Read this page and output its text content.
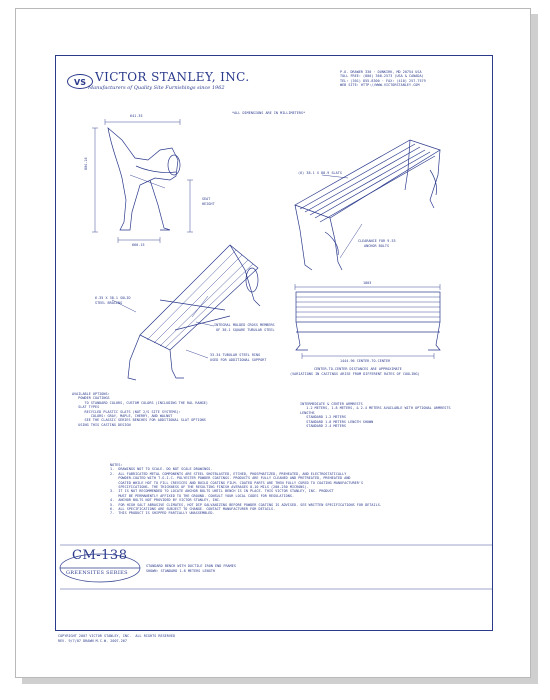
VS VICTOR STANLEY, INC.
Manufacturers of Quality Site Furnishings since 1962
P.O. DRAWER 330 · DUNKIRK, MD 20754 USA
TOLL FREE: (800) 368-2573 (USA & CANADA)
TEL: (301) 855-8300 · FAX: (410) 257-7579
WEB SITE: HTTP://WWW.VICTORSTANLEY.COM
*ALL DIMENSIONS ARE IN MILLIMETERS*
641.35
804.16
660.15
SEAT
HEIGHT
(6) 38.1 X 88.9 SLATS
CLEARANCE FOR 9.53
ANCHOR BOLTS
6.35 X 38.1 SOLID
STEEL BRACING
INTEGRAL MOLDED CROSS MEMBERS
OF 38.1 SQUARE TUBULAR STEEL
33.34 TUBULAR STEEL RING
USED FOR ADDITIONAL SUPPORT
1803
1444.96 CENTER-TO-CENTER
CENTER-TO-CENTER DISTANCES ARE APPROXIMATE
(VARIATIONS IN CASTINGS ARISE FROM DIFFERENT RATES OF COOLING)
AVAILABLE OPTIONS:
POWDER COATINGS
TO STANDARD COLORS, CUSTOM COLORS (INCLUDING THE RAL RANGE)
SLAT TYPES
RECYCLED PLASTIC SLATS (NOT 2/S SITE SYSTEMS):
COLORS: GRAY, MAPLE, CHERRY, AND WALNUT
SEE THE CLASSIC SERIES BENCHES FOR ADDITIONAL SLAT OPTIONS
USING THIS CASTING DESIGN
INTERMEDIATE & CENTER ARMRESTS
1.2 METERS, 1.8 METERS, & 2.4 METERS AVAILABLE WITH OPTIONAL ARMRESTS
LENGTHS
STANDARD 1.2 METERS
STANDARD 1.8 METERS LENGTH SHOWN
STANDARD 2.4 METERS
NOTES:
1.  DRAWINGS NOT TO SCALE. DO NOT SCALE DRAWINGS.
2.  ALL FABRICATED METAL COMPONENTS ARE STEEL SHOTBLASTED, ETCHED, PHOSPHATIZED, PREHEATED, AND ELECTROSTATICALLY
POWDER-COATED WITH T.G.I.C. POLYESTER POWDER COATINGS. PRODUCTS ARE FULLY CLEANED AND PRETREATED, PREHEATED AND
COATED WHILE HOT TO FILL CREVICES AND BUILD COATING FILM. COATED PARTS ARE THEN FULLY CURED TO COATING MANUFACTURER'S
SPECIFICATIONS. THE THICKNESS OF THE RESULTING FINISH AVERAGES 8-10 MILS (200-250 MICRONS).
3.  IT IS NOT RECOMMENDED TO LOCATE ANCHOR BOLTS UNTIL BENCH IS IN PLACE. THIS VICTOR STANLEY, INC. PRODUCT
MUST BE PERMANENTLY AFFIXED TO THE GROUND. CONSULT YOUR LOCAL CODES FOR REGULATIONS.
4.  ANCHOR BOLTS NOT PROVIDED BY VICTOR STANLEY, INC.
5.  FOR HIGH SALT ABRASIVE CLIMATES, HOT DIP GALVANIZING BEFORE POWDER COATING IS ADVISED. SEE WRITTEN SPECIFICATIONS FOR DETAILS.
6.  ALL SPECIFICATIONS ARE SUBJECT TO CHANGE. CONTACT MANUFACTURER FOR DETAILS.
7.  THIS PRODUCT IS SHIPPED PARTIALLY UNASSEMBLED.
CM-138
GREENSITES SERIES
STANDARD BENCH WITH DUCTILE IRON END FRAMES
SHOWN: STANDARD 1.8 METERS LENGTH
COPYRIGHT 2007 VICTOR STANLEY, INC.  ALL RIGHTS RESERVED
REV. 9/7/07 DRAWN M.C.W. 2007-267
